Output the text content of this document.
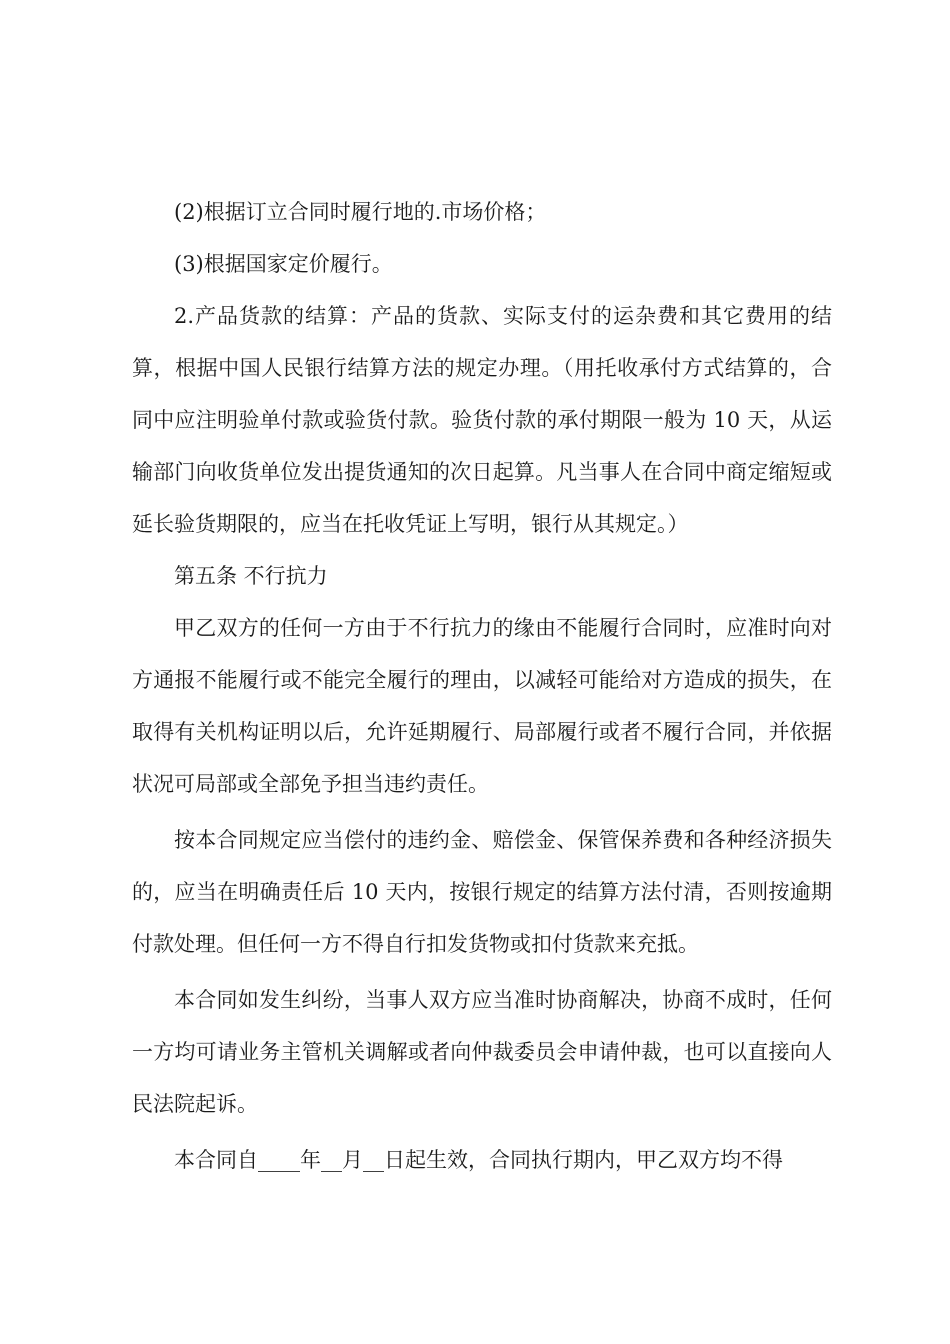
(2)根据订立合同时履行地的.市场价格；

(3)根据国家定价履行。

2.产品货款的结算：产品的货款、实际支付的运杂费和其它费用的结算，根据中国人民银行结算方法的规定办理。（用托收承付方式结算的，合同中应注明验单付款或验货付款。验货付款的承付期限一般为 10 天，从运输部门向收货单位发出提货通知的次日起算。凡当事人在合同中商定缩短或延长验货期限的，应当在托收凭证上写明，银行从其规定。）

第五条 不行抗力

甲乙双方的任何一方由于不行抗力的缘由不能履行合同时，应准时向对方通报不能履行或不能完全履行的理由，以减轻可能给对方造成的损失，在取得有关机构证明以后，允许延期履行、局部履行或者不履行合同，并依据状况可局部或全部免予担当违约责任。

按本合同规定应当偿付的违约金、赔偿金、保管保养费和各种经济损失的，应当在明确责任后 10 天内，按银行规定的结算方法付清，否则按逾期付款处理。但任何一方不得自行扣发货物或扣付货款来充抵。

本合同如发生纠纷，当事人双方应当准时协商解决，协商不成时，任何一方均可请业务主管机关调解或者向仲裁委员会申请仲裁，也可以直接向人民法院起诉。

本合同自____年__月__日起生效，合同执行期内，甲乙双方均不得
